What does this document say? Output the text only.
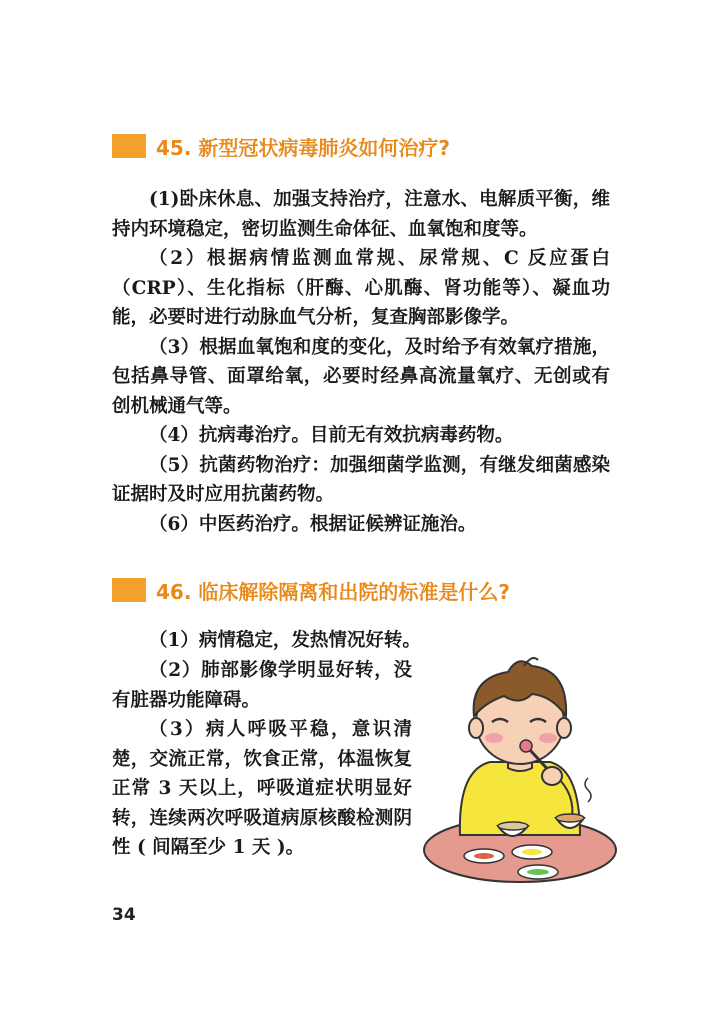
45. 新型冠状病毒肺炎如何治疗?

(1)卧床休息、加强支持治疗，注意水、电解质平衡，维持内环境稳定，密切监测生命体征、血氧饱和度等。

（2）根据病情监测血常规、尿常规、C 反应蛋白（CRP）、生化指标（肝酶、心肌酶、肾功能等）、凝血功能，必要时进行动脉血气分析，复查胸部影像学。

（3）根据血氧饱和度的变化，及时给予有效氧疗措施，包括鼻导管、面罩给氧，必要时经鼻高流量氧疗、无创或有创机械通气等。

（4）抗病毒治疗。目前无有效抗病毒药物。

（5）抗菌药物治疗：加强细菌学监测，有继发细菌感染证据时及时应用抗菌药物。

（6）中医药治疗。根据证候辨证施治。

46. 临床解除隔离和出院的标准是什么?

（1）病情稳定，发热情况好转。

（2）肺部影像学明显好转，没有脏器功能障碍。

（3）病人呼吸平稳，意识清楚，交流正常，饮食正常，体温恢复正常 3 天以上，呼吸道症状明显好转，连续两次呼吸道病原核酸检测阴性 ( 间隔至少 1 天 )。

34
